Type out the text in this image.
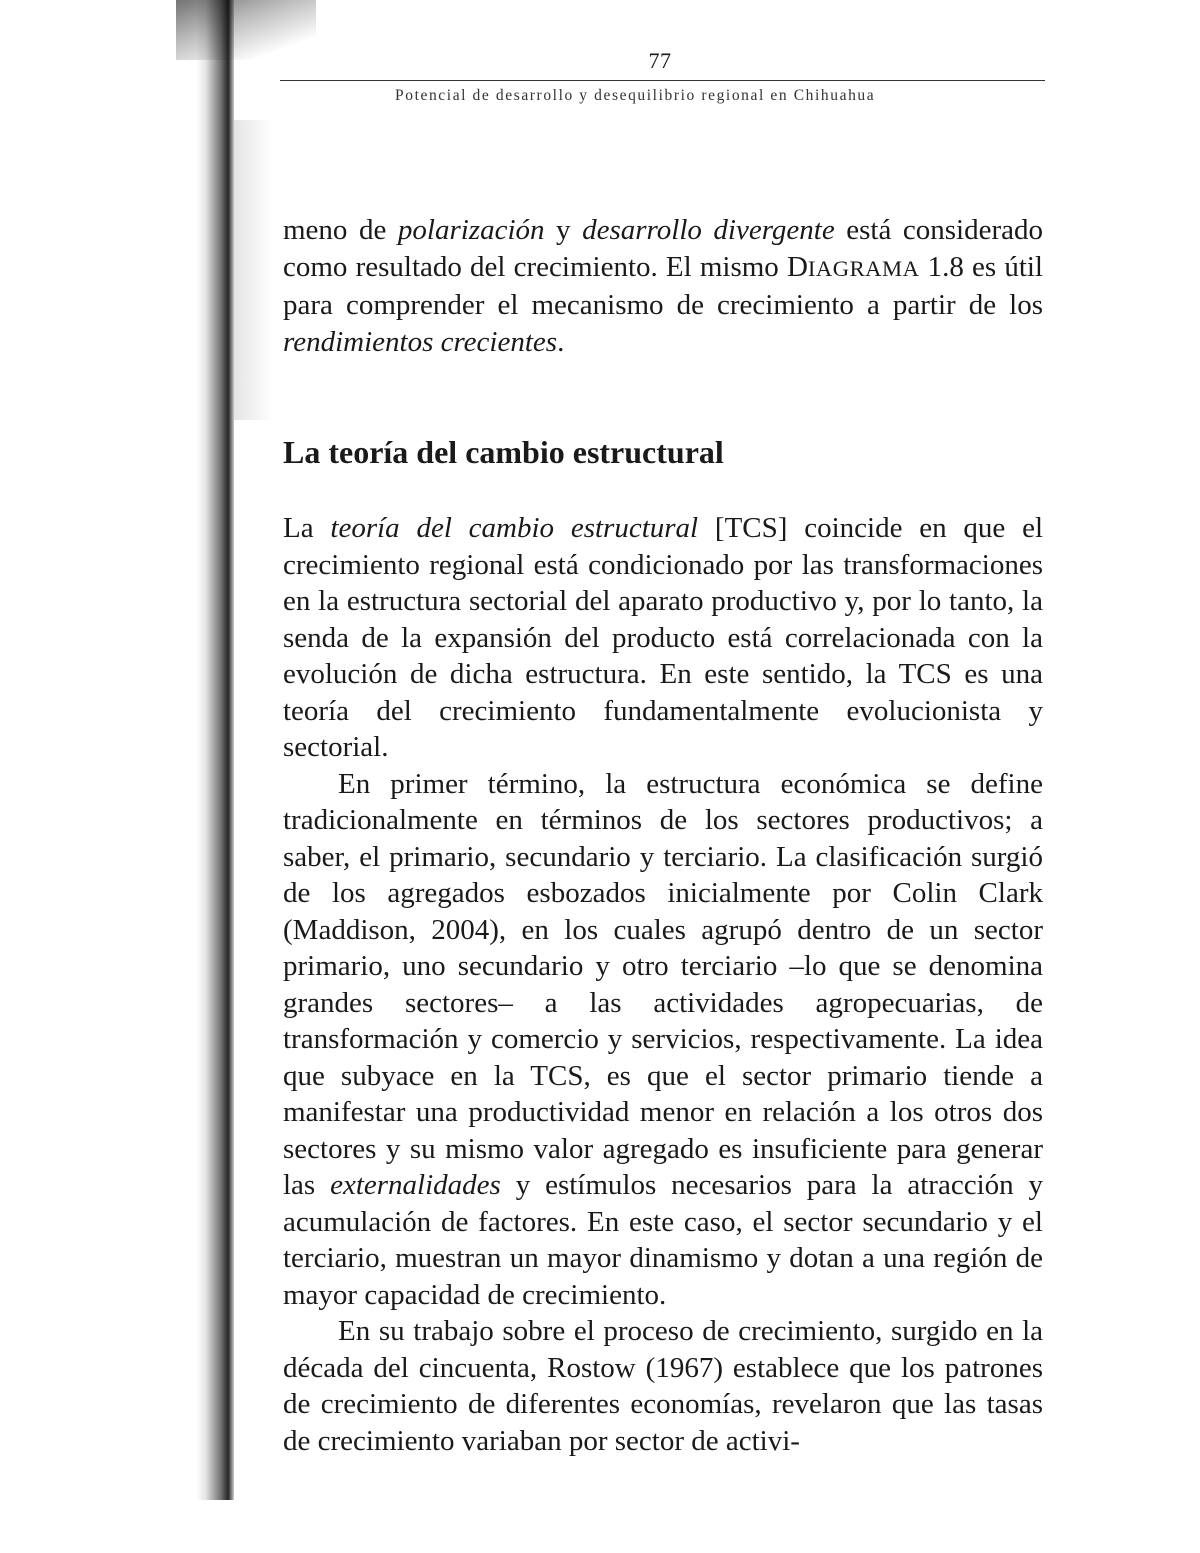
77
Potencial de desarrollo y desequilibrio regional en Chihuahua

meno de polarización y desarrollo divergente está considerado como resultado del crecimiento. El mismo DIAGRAMA 1.8 es útil para comprender el mecanismo de crecimiento a partir de los rendimientos crecientes.

La teoría del cambio estructural

La teoría del cambio estructural [TCS] coincide en que el crecimiento regional está condicionado por las transformaciones en la estructura sectorial del aparato productivo y, por lo tanto, la senda de la expansión del producto está correlacionada con la evolución de dicha estructura. En este sentido, la TCS es una teoría del crecimiento fundamentalmente evolucionista y sectorial.

En primer término, la estructura económica se define tradicionalmente en términos de los sectores productivos; a saber, el primario, secundario y terciario. La clasificación surgió de los agregados esbozados inicialmente por Colin Clark (Maddison, 2004), en los cuales agrupó dentro de un sector primario, uno secundario y otro terciario –lo que se denomina grandes sectores– a las actividades agropecuarias, de transformación y comercio y servicios, respectivamente. La idea que subyace en la TCS, es que el sector primario tiende a manifestar una productividad menor en relación a los otros dos sectores y su mismo valor agregado es insuficiente para generar las externalidades y estímulos necesarios para la atracción y acumulación de factores. En este caso, el sector secundario y el terciario, muestran un mayor dinamismo y dotan a una región de mayor capacidad de crecimiento.

En su trabajo sobre el proceso de crecimiento, surgido en la década del cincuenta, Rostow (1967) establece que los patrones de crecimiento de diferentes economías, revelaron que las tasas de crecimiento variaban por sector de activi-
